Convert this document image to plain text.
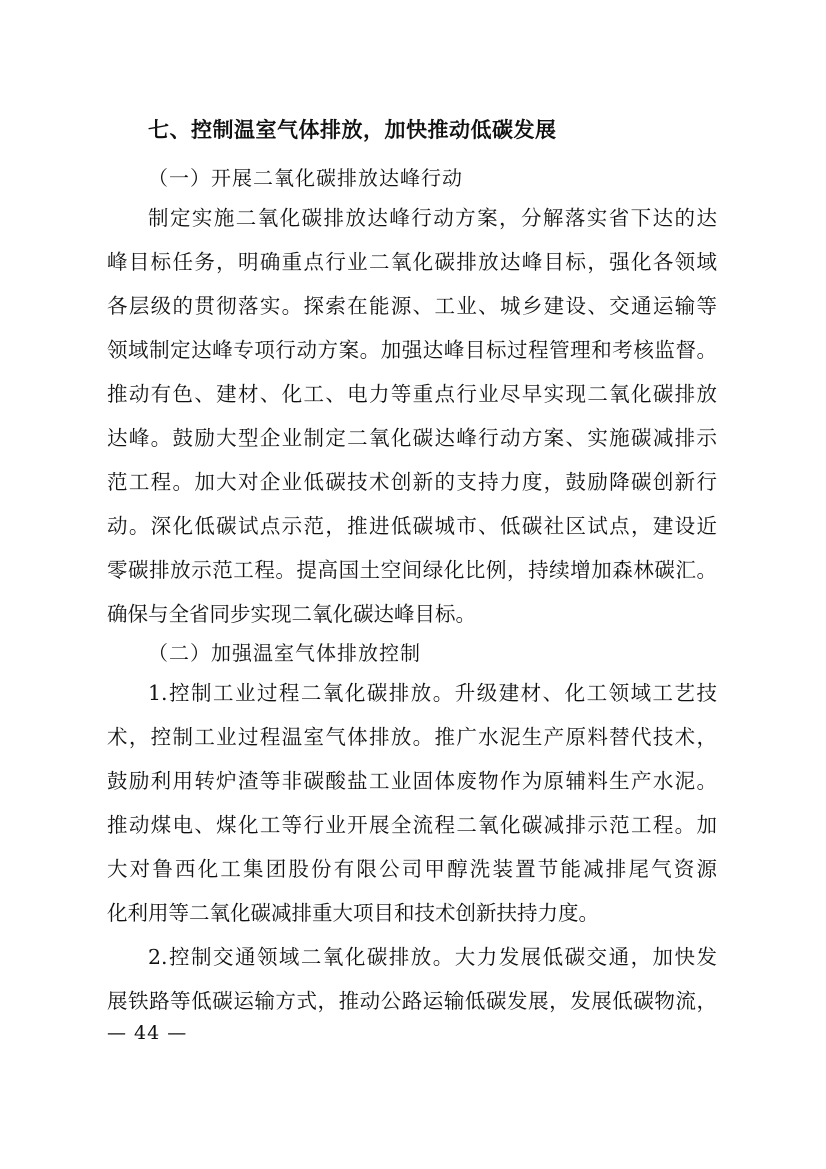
七、控制温室气体排放，加快推动低碳发展
（一）开展二氧化碳排放达峰行动
制定实施二氧化碳排放达峰行动方案，分解落实省下达的达
峰目标任务，明确重点行业二氧化碳排放达峰目标，强化各领域
各层级的贯彻落实。探索在能源、工业、城乡建设、交通运输等
领域制定达峰专项行动方案。加强达峰目标过程管理和考核监督。
推动有色、建材、化工、电力等重点行业尽早实现二氧化碳排放
达峰。鼓励大型企业制定二氧化碳达峰行动方案、实施碳减排示
范工程。加大对企业低碳技术创新的支持力度，鼓励降碳创新行
动。深化低碳试点示范，推进低碳城市、低碳社区试点，建设近
零碳排放示范工程。提高国土空间绿化比例，持续增加森林碳汇。
确保与全省同步实现二氧化碳达峰目标。
（二）加强温室气体排放控制
1.控制工业过程二氧化碳排放。升级建材、化工领域工艺技
术，控制工业过程温室气体排放。推广水泥生产原料替代技术，
鼓励利用转炉渣等非碳酸盐工业固体废物作为原辅料生产水泥。
推动煤电、煤化工等行业开展全流程二氧化碳减排示范工程。加
大对鲁西化工集团股份有限公司甲醇洗装置节能减排尾气资源
化利用等二氧化碳减排重大项目和技术创新扶持力度。
2.控制交通领域二氧化碳排放。大力发展低碳交通，加快发
展铁路等低碳运输方式，推动公路运输低碳发展，发展低碳物流，
— 44 —
